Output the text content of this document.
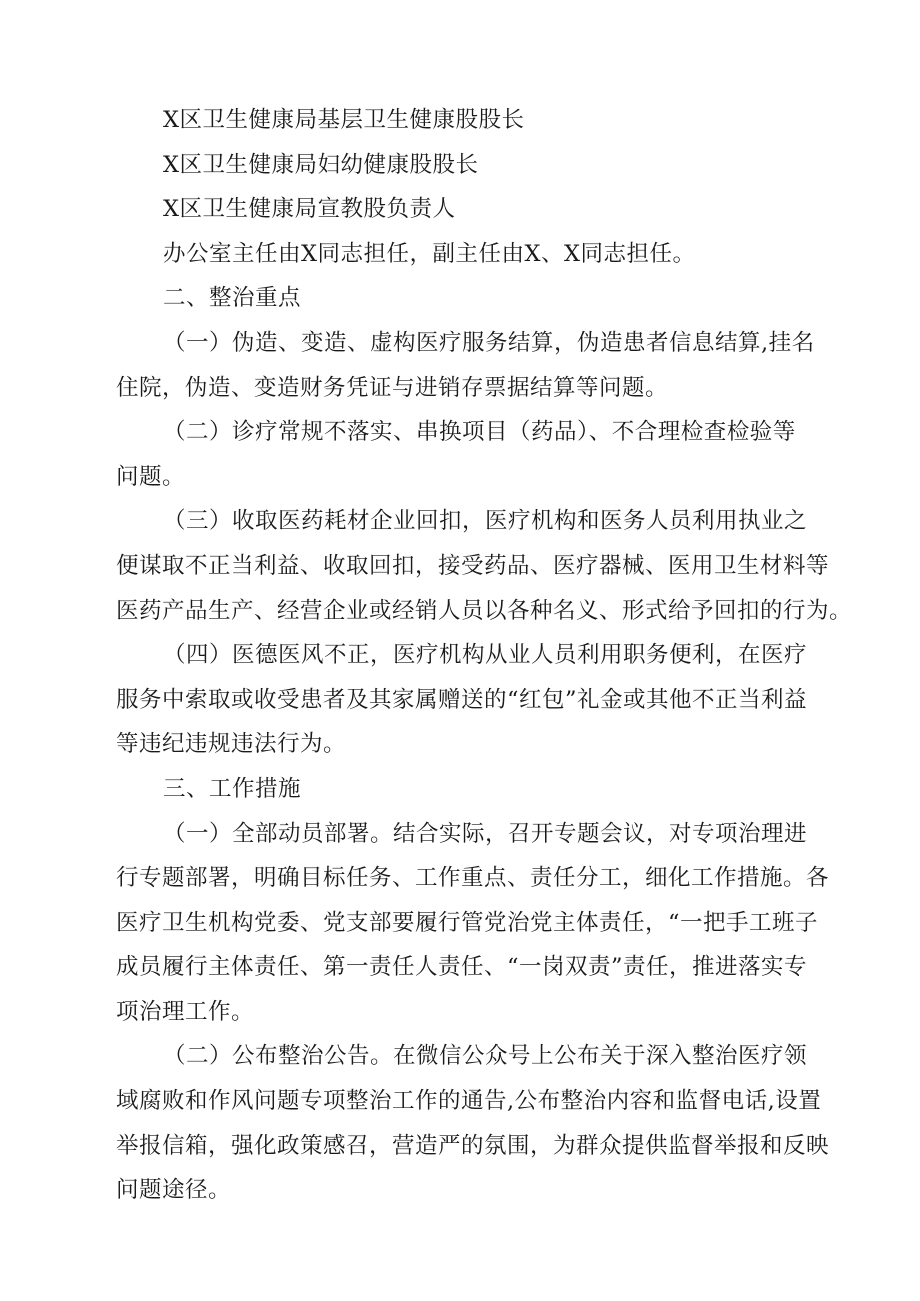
X区卫生健康局基层卫生健康股股长

X区卫生健康局妇幼健康股股长

X区卫生健康局宣教股负责人

办公室主任由X同志担任，副主任由X、X同志担任。

二、整治重点

（一）伪造、变造、虚构医疗服务结算，伪造患者信息结算,挂名
住院，伪造、变造财务凭证与进销存票据结算等问题。
（二）诊疗常规不落实、串换项目（药品）、不合理检查检验等
问题。
（三）收取医药耗材企业回扣，医疗机构和医务人员利用执业之
便谋取不正当利益、收取回扣，接受药品、医疗器械、医用卫生材料等
医药产品生产、经营企业或经销人员以各种名义、形式给予回扣的行为。
（四）医德医风不正，医疗机构从业人员利用职务便利，在医疗
服务中索取或收受患者及其家属赠送的“红包”礼金或其他不正当利益
等违纪违规违法行为。

三、工作措施

（一）全部动员部署。结合实际，召开专题会议，对专项治理进
行专题部署，明确目标任务、工作重点、责任分工，细化工作措施。各
医疗卫生机构党委、党支部要履行管党治党主体责任，“一把手工班子
成员履行主体责任、第一责任人责任、“一岗双责”责任，推进落实专
项治理工作。
（二）公布整治公告。在微信公众号上公布关于深入整治医疗领
域腐败和作风问题专项整治工作的通告,公布整治内容和监督电话,设置
举报信箱，强化政策感召，营造严的氛围，为群众提供监督举报和反映
问题途径。
